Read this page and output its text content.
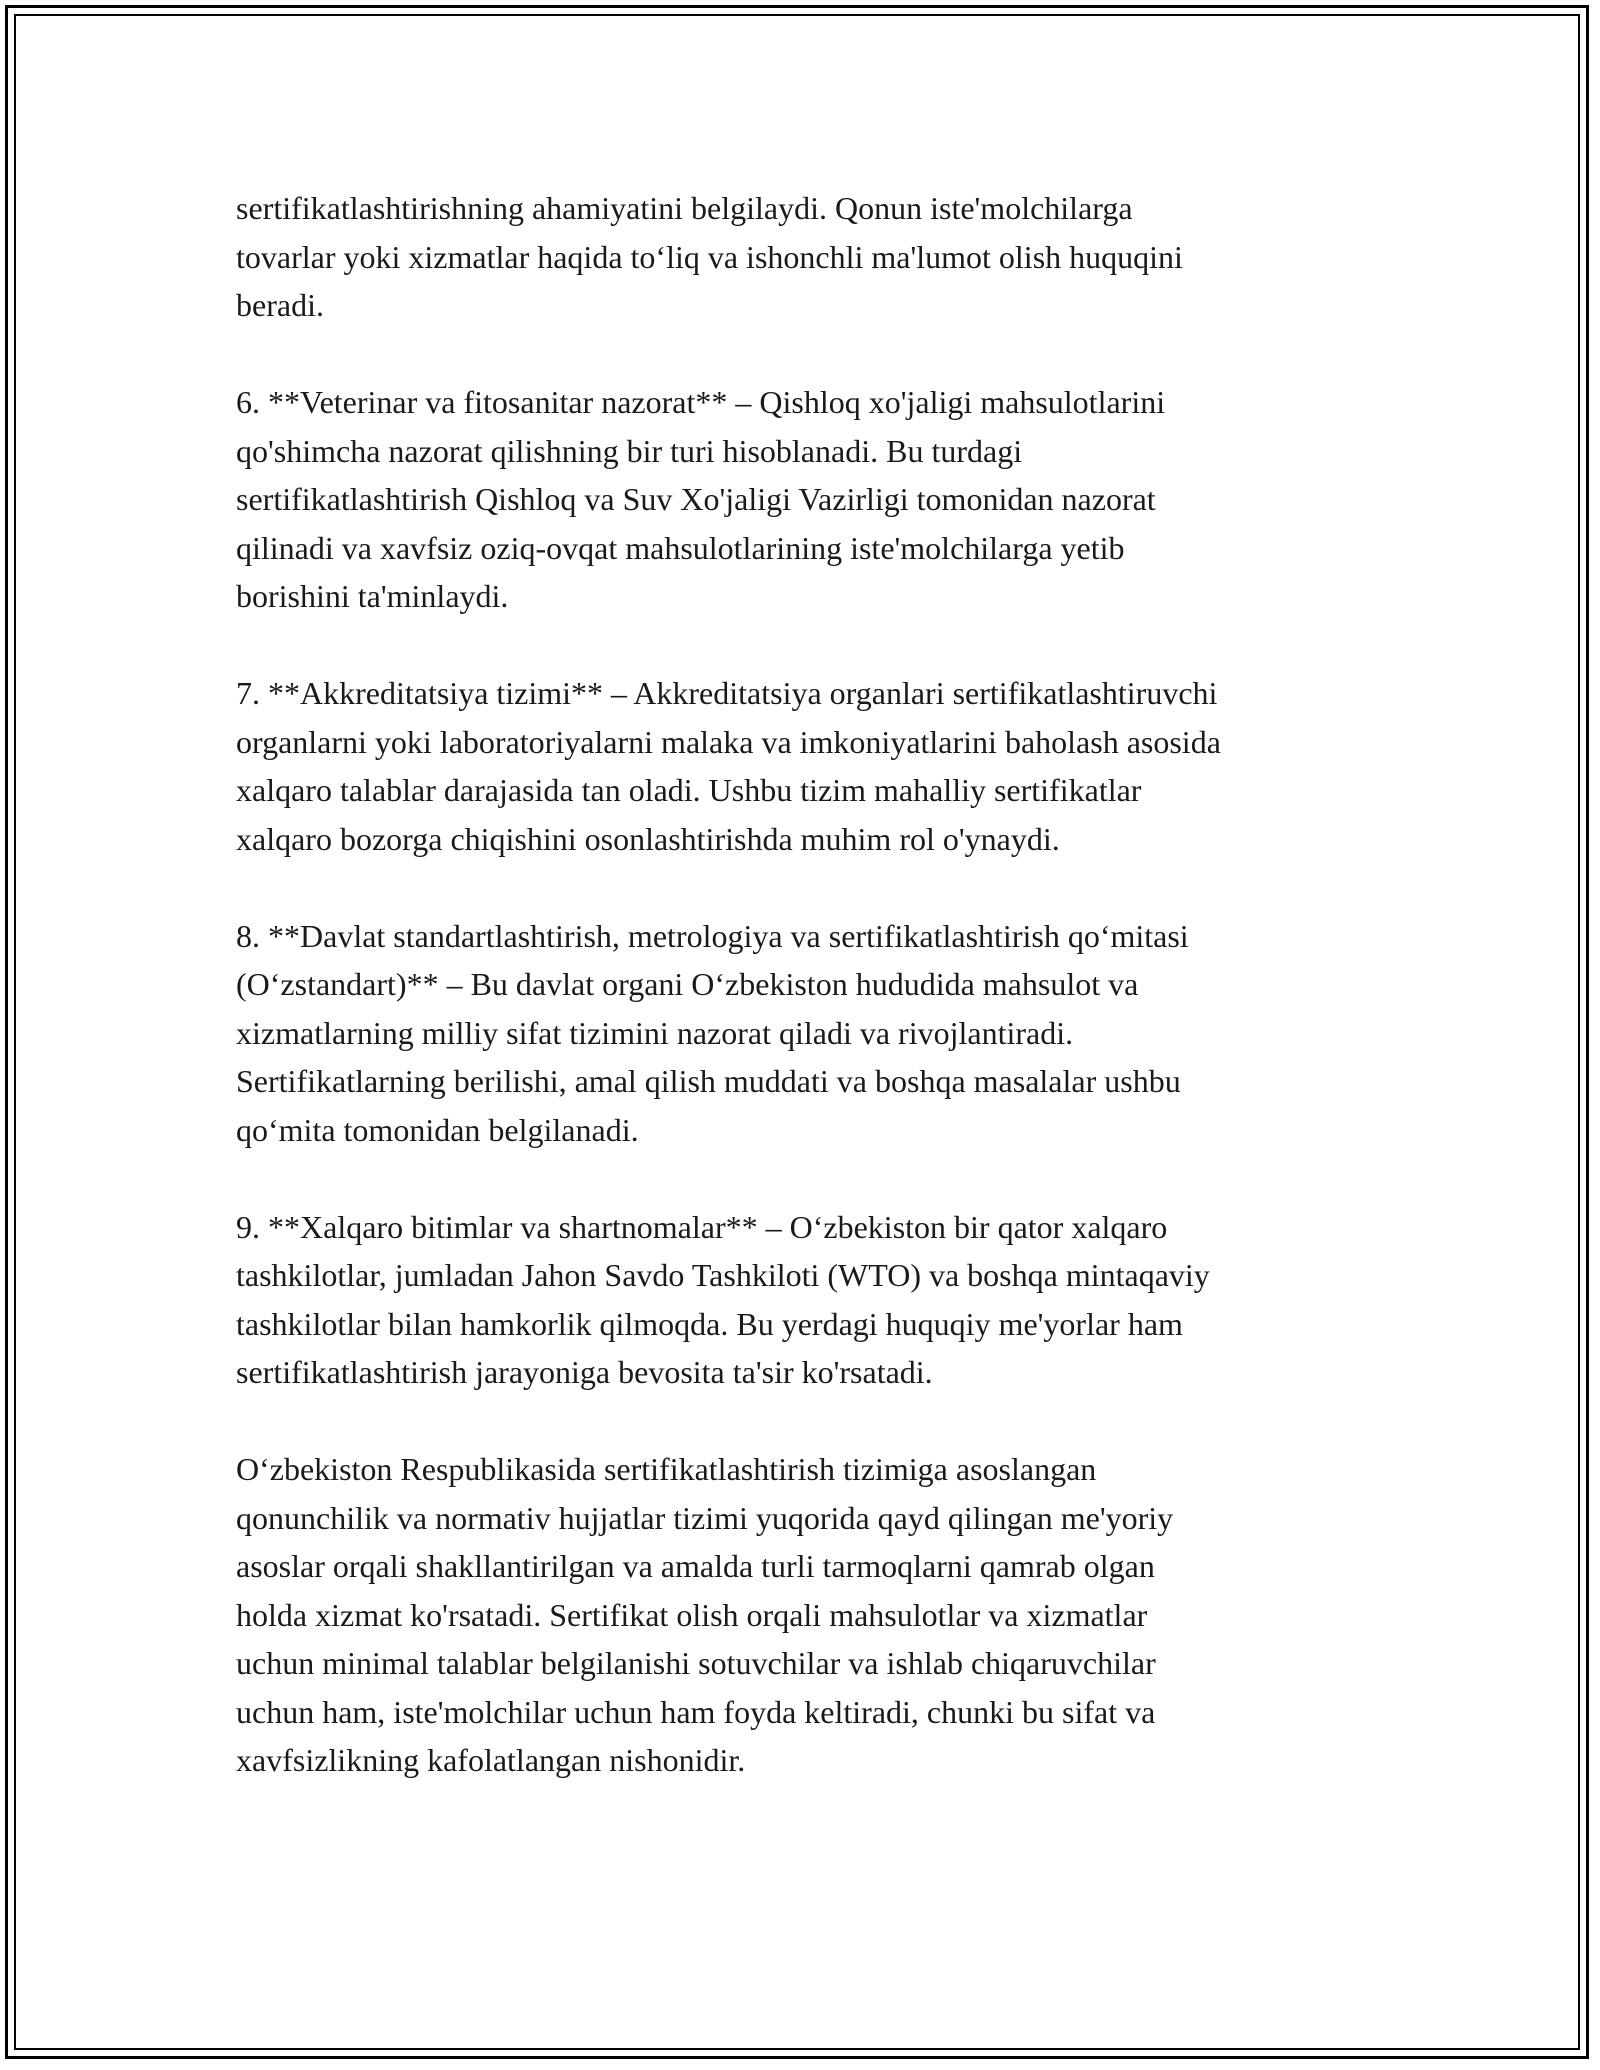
sertifikatlashtirishning ahamiyatini belgilaydi. Qonun iste'molchilarga
tovarlar yoki xizmatlar haqida to‘liq va ishonchli ma'lumot olish huquqini
beradi.

6. **Veterinar va fitosanitar nazorat** – Qishloq xo'jaligi mahsulotlarini
qo'shimcha nazorat qilishning bir turi hisoblanadi. Bu turdagi
sertifikatlashtirish Qishloq va Suv Xo'jaligi Vazirligi tomonidan nazorat
qilinadi va xavfsiz oziq-ovqat mahsulotlarining iste'molchilarga yetib
borishini ta'minlaydi.

7. **Akkreditatsiya tizimi** – Akkreditatsiya organlari sertifikatlashtiruvchi
organlarni yoki laboratoriyalarni malaka va imkoniyatlarini baholash asosida
xalqaro talablar darajasida tan oladi. Ushbu tizim mahalliy sertifikatlar
xalqaro bozorga chiqishini osonlashtirishda muhim rol o'ynaydi.

8. **Davlat standartlashtirish, metrologiya va sertifikatlashtirish qo‘mitasi
(O‘zstandart)** – Bu davlat organi O‘zbekiston hududida mahsulot va
xizmatlarning milliy sifat tizimini nazorat qiladi va rivojlantiradi.
Sertifikatlarning berilishi, amal qilish muddati va boshqa masalalar ushbu
qo‘mita tomonidan belgilanadi.

9. **Xalqaro bitimlar va shartnomalar** – O‘zbekiston bir qator xalqaro
tashkilotlar, jumladan Jahon Savdo Tashkiloti (WTO) va boshqa mintaqaviy
tashkilotlar bilan hamkorlik qilmoqda. Bu yerdagi huquqiy me'yorlar ham
sertifikatlashtirish jarayoniga bevosita ta'sir ko'rsatadi.

O‘zbekiston Respublikasida sertifikatlashtirish tizimiga asoslangan
qonunchilik va normativ hujjatlar tizimi yuqorida qayd qilingan me'yoriy
asoslar orqali shakllantirilgan va amalda turli tarmoqlarni qamrab olgan
holda xizmat ko'rsatadi. Sertifikat olish orqali mahsulotlar va xizmatlar
uchun minimal talablar belgilanishi sotuvchilar va ishlab chiqaruvchilar
uchun ham, iste'molchilar uchun ham foyda keltiradi, chunki bu sifat va
xavfsizlikning kafolatlangan nishonidir.
